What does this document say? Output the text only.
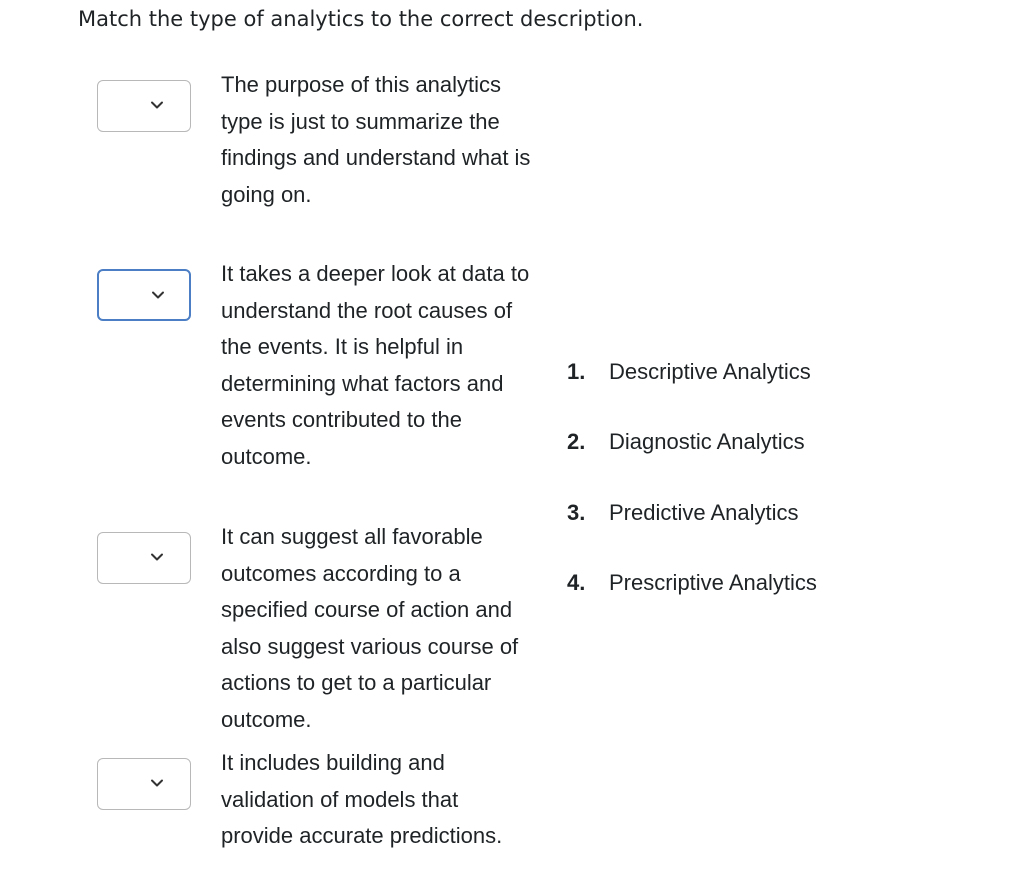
Match the type of analytics to the correct description.
The purpose of this analytics type is just to summarize the findings and understand what is going on.
It takes a deeper look at data to understand the root causes of the events. It is helpful in determining what factors and events contributed to the outcome.
It can suggest all favorable outcomes according to a specified course of action and also suggest various course of actions to get to a particular outcome.
It includes building and validation of models that provide accurate predictions.
1. Descriptive Analytics
2. Diagnostic Analytics
3. Predictive Analytics
4. Prescriptive Analytics
